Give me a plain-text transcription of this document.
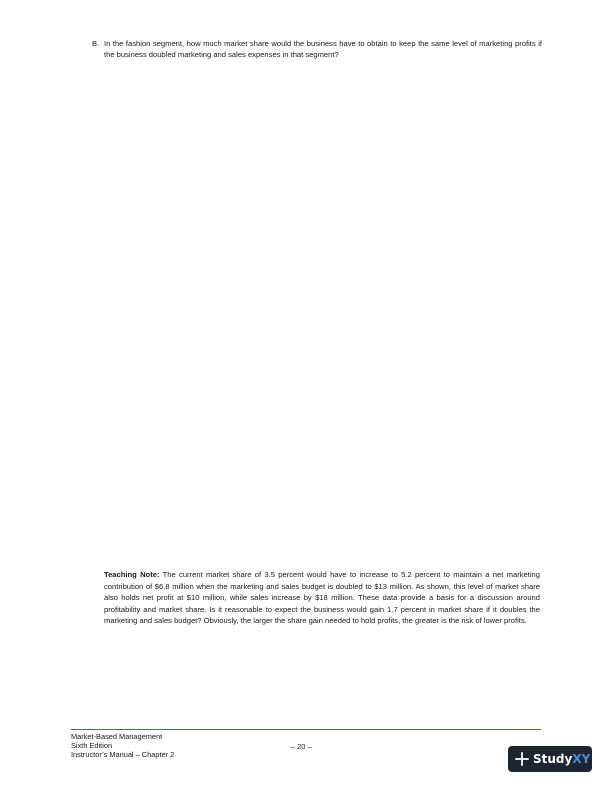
B. In the fashion segment, how much market share would the business have to obtain to keep the same level of marketing profits if the business doubled marketing and sales expenses in that segment?
Teaching Note: The current market share of 3.5 percent would have to increase to 5.2 percent to maintain a net marketing contribution of $6.8 million when the marketing and sales budget is doubled to $13 million. As shown, this level of market share also holds net profit at $10 million, while sales increase by $18 million. These data provide a basis for a discussion around profitability and market share. Is it reasonable to expect the business would gain 1.7 percent in market share if it doubles the marketing and sales budget? Obviously, the larger the share gain needed to hold profits, the greater is the risk of lower profits.
Market-Based Management
Sixth Edition
Instructor’s Manual – Chapter 2
– 20 –
StudyXY
